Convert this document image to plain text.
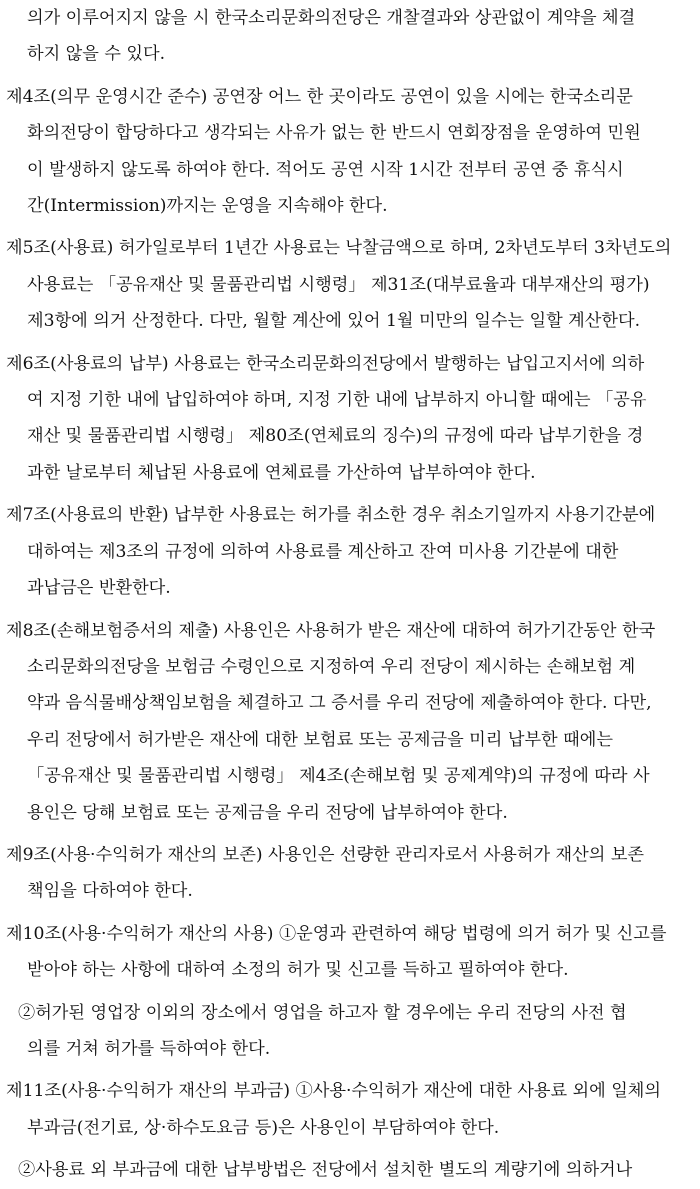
의가 이루어지지 않을 시 한국소리문화의전당은 개찰결과와 상관없이 계약을 체결
하지 않을 수 있다.
제4조(의무 운영시간 준수) 공연장 어느 한 곳이라도 공연이 있을 시에는 한국소리문
화의전당이 합당하다고 생각되는 사유가 없는 한 반드시 연회장점을 운영하여 민원
이 발생하지 않도록 하여야 한다. 적어도 공연 시작 1시간 전부터 공연 중 휴식시
간(Intermission)까지는 운영을 지속해야 한다.
제5조(사용료) 허가일로부터 1년간 사용료는 낙찰금액으로 하며, 2차년도부터 3차년도의
사용료는 「공유재산 및 물품관리법 시행령」 제31조(대부료율과 대부재산의 평가)
제3항에 의거 산정한다. 다만, 월할 계산에 있어 1월 미만의 일수는 일할 계산한다.
제6조(사용료의 납부) 사용료는 한국소리문화의전당에서 발행하는 납입고지서에 의하
여 지정 기한 내에 납입하여야 하며, 지정 기한 내에 납부하지 아니할 때에는 「공유
재산 및 물품관리법 시행령」 제80조(연체료의 징수)의 규정에 따라 납부기한을 경
과한 날로부터 체납된 사용료에 연체료를 가산하여 납부하여야 한다.
제7조(사용료의 반환) 납부한 사용료는 허가를 취소한 경우 취소기일까지 사용기간분에
대하여는 제3조의 규정에 의하여 사용료를 계산하고 잔여 미사용 기간분에 대한
과납금은 반환한다.
제8조(손해보험증서의 제출) 사용인은 사용허가 받은 재산에 대하여 허가기간동안 한국
소리문화의전당을 보험금 수령인으로 지정하여 우리 전당이 제시하는 손해보험 계
약과 음식물배상책임보험을 체결하고 그 증서를 우리 전당에 제출하여야 한다. 다만,
우리 전당에서 허가받은 재산에 대한 보험료 또는 공제금을 미리 납부한 때에는
「공유재산 및 물품관리법 시행령」 제4조(손해보험 및 공제계약)의 규정에 따라 사
용인은 당해 보험료 또는 공제금을 우리 전당에 납부하여야 한다.
제9조(사용·수익허가 재산의 보존) 사용인은 선량한 관리자로서 사용허가 재산의 보존
책임을 다하여야 한다.
제10조(사용·수익허가 재산의 사용) ①운영과 관련하여 해당 법령에 의거 허가 및 신고를
받아야 하는 사항에 대하여 소정의 허가 및 신고를 득하고 필하여야 한다.
②허가된 영업장 이외의 장소에서 영업을 하고자 할 경우에는 우리 전당의 사전 협
의를 거쳐 허가를 득하여야 한다.
제11조(사용·수익허가 재산의 부과금) ①사용·수익허가 재산에 대한 사용료 외에 일체의
부과금(전기료, 상·하수도요금 등)은 사용인이 부담하여야 한다.
②사용료 외 부과금에 대한 납부방법은 전당에서 설치한 별도의 계량기에 의하거나
